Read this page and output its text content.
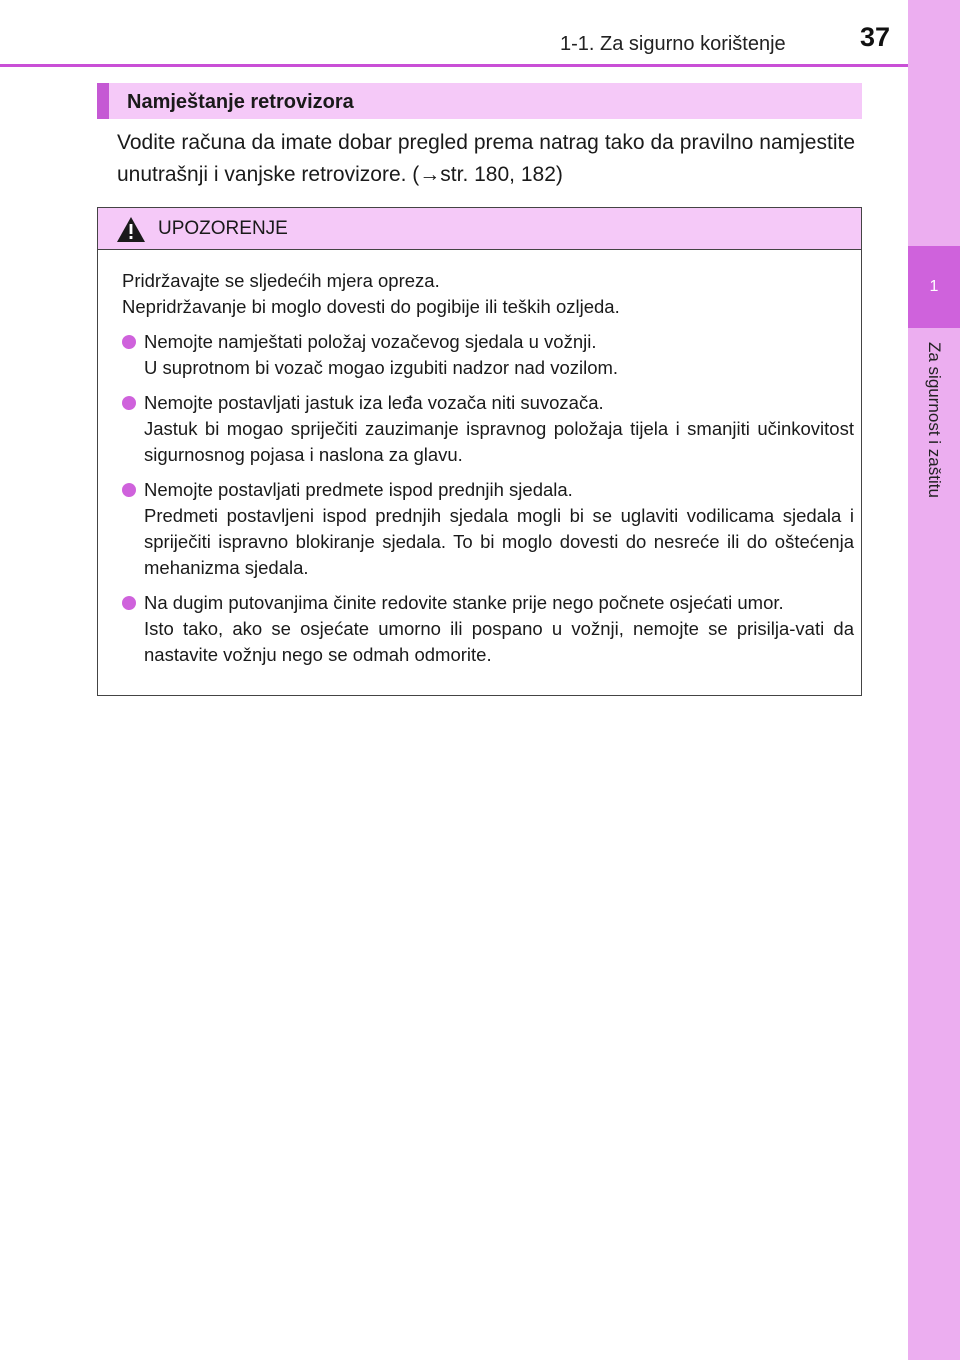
1
Za sigurnost i zaštitu
1-1. Za sigurno korištenje	37
Namještanje retrovizora
Vodite računa da imate dobar pregled prema natrag tako da pravilno namjestite unutrašnji i vanjske retrovizore. (→str. 180, 182)
UPOZORENJE
Pridržavajte se sljedećih mjera opreza.
Nepridržavanje bi moglo dovesti do pogibije ili teških ozljeda.
Nemojte namještati položaj vozačevog sjedala u vožnji.
U suprotnom bi vozač mogao izgubiti nadzor nad vozilom.
Nemojte postavljati jastuk iza leđa vozača niti suvozača.
Jastuk bi mogao spriječiti zauzimanje ispravnog položaja tijela i smanjiti učinkovitost sigurnosnog pojasa i naslona za glavu.
Nemojte postavljati predmete ispod prednjih sjedala.
Predmeti postavljeni ispod prednjih sjedala mogli bi se uglaviti vodilicama sjedala i spriječiti ispravno blokiranje sjedala. To bi moglo dovesti do nesreće ili do oštećenja mehanizma sjedala.
Na dugim putovanjima činite redovite stanke prije nego počnete osjećati umor.
Isto tako, ako se osjećate umorno ili pospano u vožnji, nemojte se prisilja-vati da nastavite vožnju nego se odmah odmorite.
